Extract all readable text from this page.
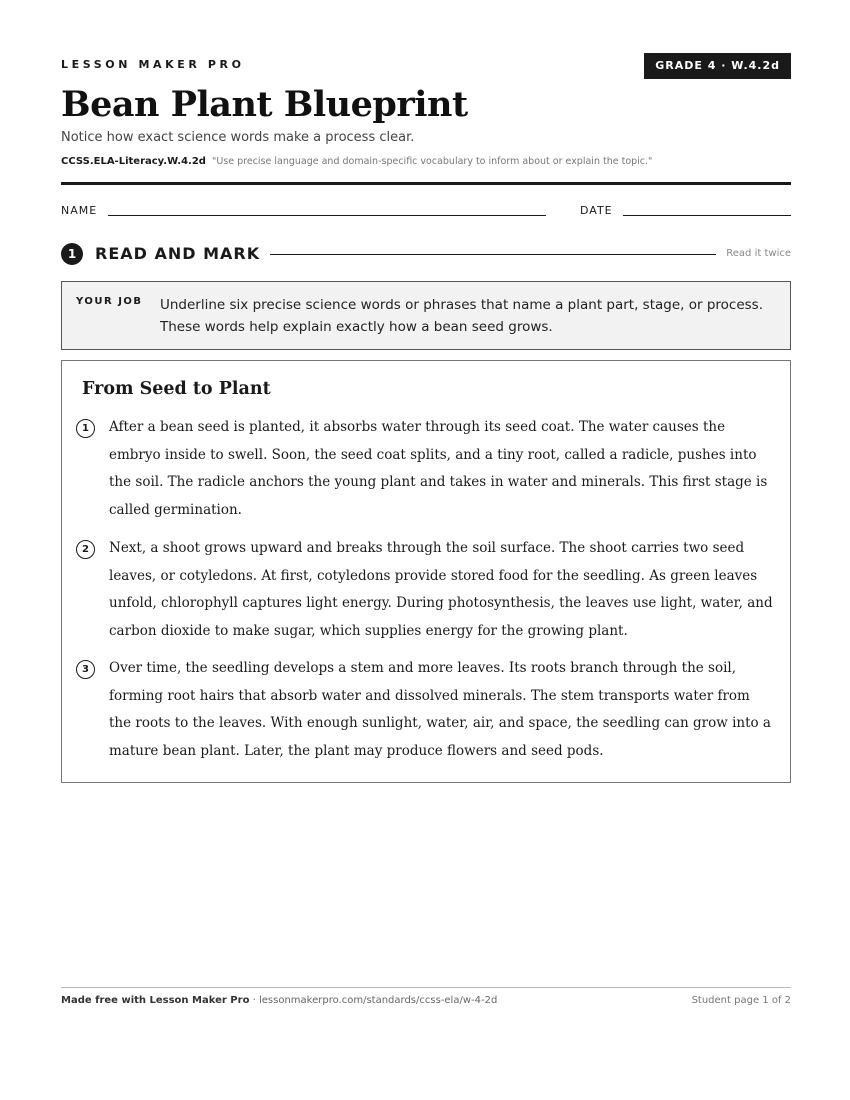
LESSON MAKER PRO	GRADE 4 · W.4.2d
Bean Plant Blueprint
Notice how exact science words make a process clear.
CCSS.ELA-Literacy.W.4.2d "Use precise language and domain-specific vocabulary to inform about or explain the topic."
NAME	DATE
1	READ AND MARK	Read it twice
YOUR JOB Underline six precise science words or phrases that name a plant part, stage, or process. These words help explain exactly how a bean seed grows.
From Seed to Plant
1	After a bean seed is planted, it absorbs water through its seed coat. The water causes the embryo inside to swell. Soon, the seed coat splits, and a tiny root, called a radicle, pushes into the soil. The radicle anchors the young plant and takes in water and minerals. This first stage is called germination.
2	Next, a shoot grows upward and breaks through the soil surface. The shoot carries two seed leaves, or cotyledons. At first, cotyledons provide stored food for the seedling. As green leaves unfold, chlorophyll captures light energy. During photosynthesis, the leaves use light, water, and carbon dioxide to make sugar, which supplies energy for the growing plant.
3	Over time, the seedling develops a stem and more leaves. Its roots branch through the soil, forming root hairs that absorb water and dissolved minerals. The stem transports water from the roots to the leaves. With enough sunlight, water, air, and space, the seedling can grow into a mature bean plant. Later, the plant may produce flowers and seed pods.
Made free with Lesson Maker Pro · lessonmakerpro.com/standards/ccss-ela/w-4-2d	Student page 1 of 2
